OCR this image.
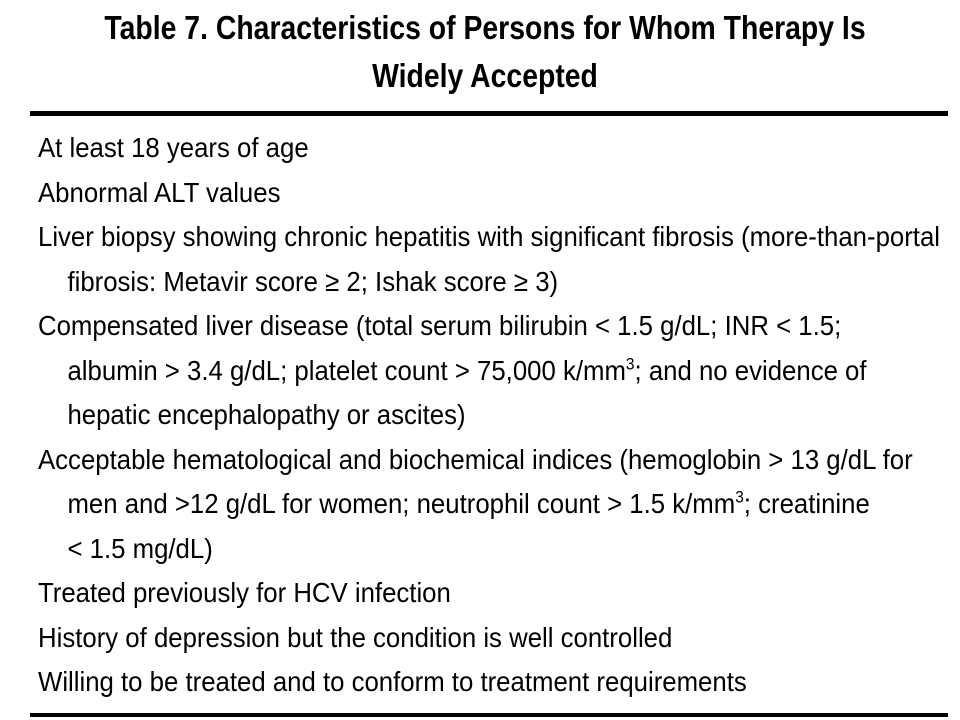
Table 7. Characteristics of Persons for Whom Therapy Is
Widely Accepted
At least 18 years of age
Abnormal ALT values
Liver biopsy showing chronic hepatitis with significant fibrosis (more-than-portal
fibrosis: Metavir score ≥ 2; Ishak score ≥ 3)
Compensated liver disease (total serum bilirubin < 1.5 g/dL; INR < 1.5;
albumin > 3.4 g/dL; platelet count > 75,000 $k/mm^3$; and no evidence of
hepatic encephalopathy or ascites)
Acceptable hematological and biochemical indices (hemoglobin > 13 g/dL for
men and >12 g/dL for women; neutrophil count > 1.5 $k/mm^3$; creatinine
< 1.5 mg/dL)
Treated previously for HCV infection
History of depression but the condition is well controlled
Willing to be treated and to conform to treatment requirements
